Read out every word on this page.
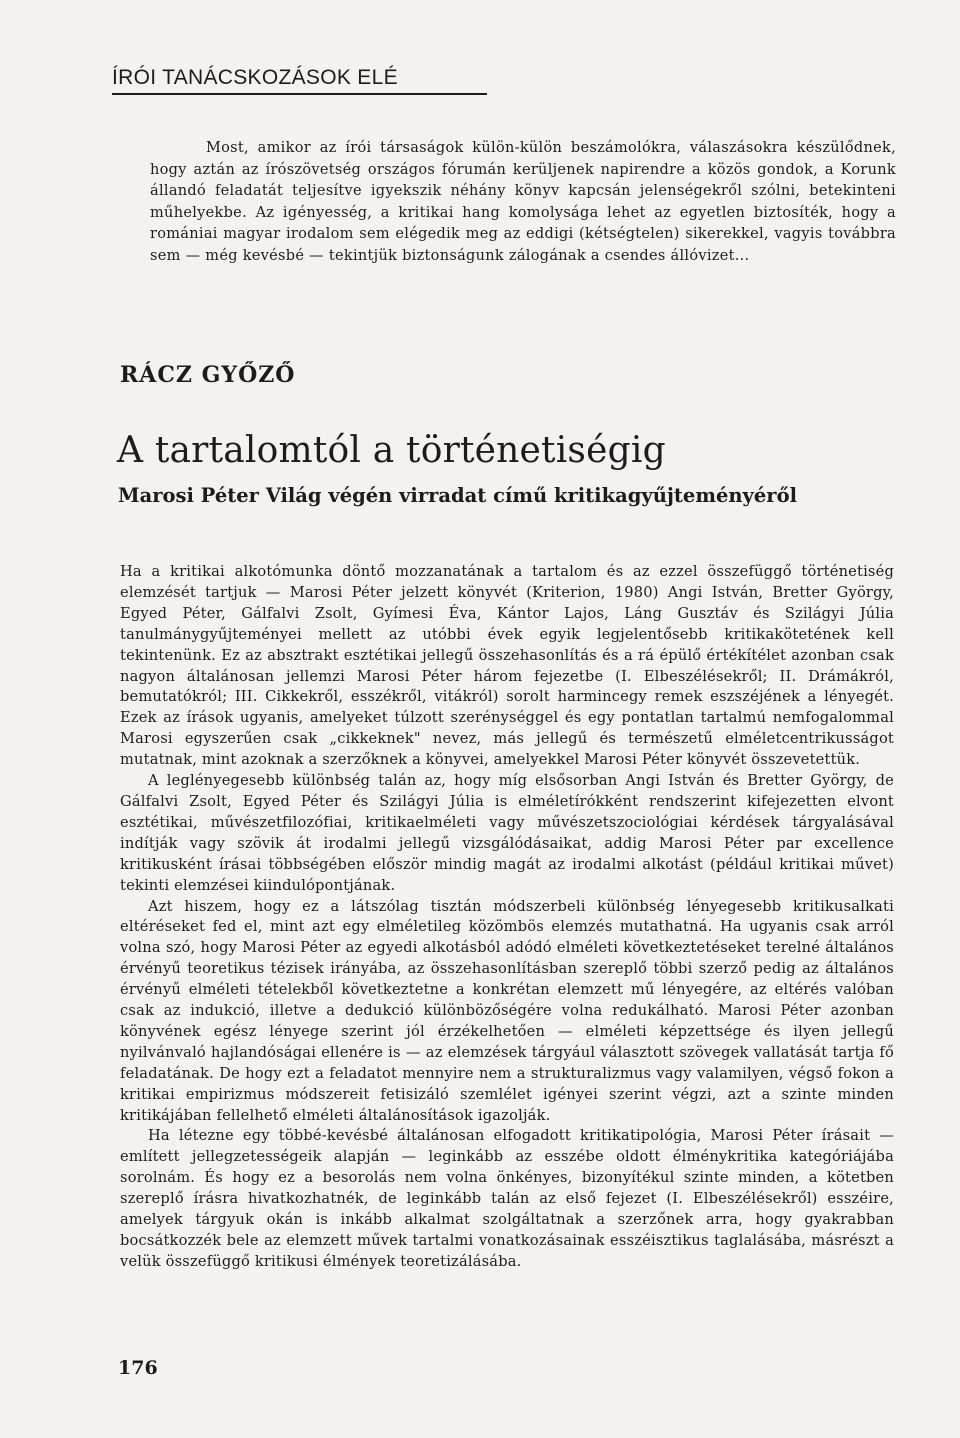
ÍRÓI TANÁCSKOZÁSOK ELÉ

Most, amikor az írói társaságok külön-külön beszámolókra, válaszásokra készülődnek, hogy aztán az írószövetség országos fórumán kerüljenek napirendre a közös gondok, a Korunk állandó feladatát teljesítve igyekszik néhány könyv kapcsán jelenségekről szólni, betekinteni műhelyekbe. Az igényesség, a kritikai hang komolysága lehet az egyetlen biztosíték, hogy a romániai magyar irodalom sem elégedik meg az eddigi (kétségtelen) sikerekkel, vagyis továbbra sem — még kevésbé — tekintjük biztonságunk zálogának a csendes állóvizet...

RÁCZ GYŐZŐ
A tartalomtól a történetiségig
Marosi Péter Világ végén virradat című kritikagyűjteményéről

Ha a kritikai alkotómunka döntő mozzanatának a tartalom és az ezzel összefüggő történetiség elemzését tartjuk — Marosi Péter jelzett könyvét (Kriterion, 1980) Angi István, Bretter György, Egyed Péter, Gálfalvi Zsolt, Gyímesi Éva, Kántor Lajos, Láng Gusztáv és Szilágyi Júlia tanulmánygyűjteményei mellett az utóbbi évek egyik legjelentősebb kritikakötetének kell tekintenünk. Ez az absztrakt esztétikai jellegű összehasonlítás és a rá épülő értékítélet azonban csak nagyon általánosan jellemzi Marosi Péter három fejezetbe (I. Elbeszélésekről; II. Drámákról, bemutatókról; III. Cikkekről, esszékről, vitákról) sorolt harmincegy remek eszszéjének a lényegét. Ezek az írások ugyanis, amelyeket túlzott szerénységgel és egy pontatlan tartalmú nemfogalommal Marosi egyszerűen csak „cikkeknek" nevez, más jellegű és természetű elméletcentrikusságot mutatnak, mint azoknak a szerzőknek a könyvei, amelyekkel Marosi Péter könyvét összevetettük.

A leglényegesebb különbség talán az, hogy míg elsősorban Angi István és Bretter György, de Gálfalvi Zsolt, Egyed Péter és Szilágyi Júlia is elméletírókként rendszerint kifejezetten elvont esztétikai, művészetfilozófiai, kritikaelméleti vagy művészetszociológiai kérdések tárgyalásával indítják vagy szövik át irodalmi jellegű vizsgálódásaikat, addig Marosi Péter par excellence kritikusként írásai többségében először mindig magát az irodalmi alkotást (például kritikai művet) tekinti elemzései kiindulópontjának.

Azt hiszem, hogy ez a látszólag tisztán módszerbeli különbség lényegesebb kritikusalkati eltéréseket fed el, mint azt egy elméletileg közömbös elemzés mutathatná. Ha ugyanis csak arról volna szó, hogy Marosi Péter az egyedi alkotásból adódó elméleti következtetéseket terelné általános érvényű teoretikus tézisek irányába, az összehasonlításban szereplő többi szerző pedig az általános érvényű elméleti tételekből következtetne a konkrétan elemzett mű lényegére, az eltérés valóban csak az indukció, illetve a dedukció különbözőségére volna redukálható. Marosi Péter azonban könyvének egész lényege szerint jól érzékelhetően — elméleti képzettsége és ilyen jellegű nyilvánvaló hajlandóságai ellenére is — az elemzések tárgyául választott szövegek vallatását tartja fő feladatának. De hogy ezt a feladatot mennyire nem a strukturalizmus vagy valamilyen, végső fokon a kritikai empirizmus módszereit fetisizáló szemlélet igényei szerint végzi, azt a szinte minden kritikájában fellelhető elméleti általánosítások igazolják.

Ha létezne egy többé-kevésbé általánosan elfogadott kritikatipológia, Marosi Péter írásait — említett jellegzetességeik alapján — leginkább az esszébe oldott élménykritika kategóriájába sorolnám. És hogy ez a besorolás nem volna önkényes, bizonyítékul szinte minden, a kötetben szereplő írásra hivatkozhatnék, de leginkább talán az első fejezet (I. Elbeszélésekről) esszéire, amelyek tárgyuk okán is inkább alkalmat szolgáltatnak a szerzőnek arra, hogy gyakrabban bocsátkozzék bele az elemzett művek tartalmi vonatkozásainak esszéisztikus taglalásába, másrészt a velük összefüggő kritikusi élmények teoretizálásába.

176
